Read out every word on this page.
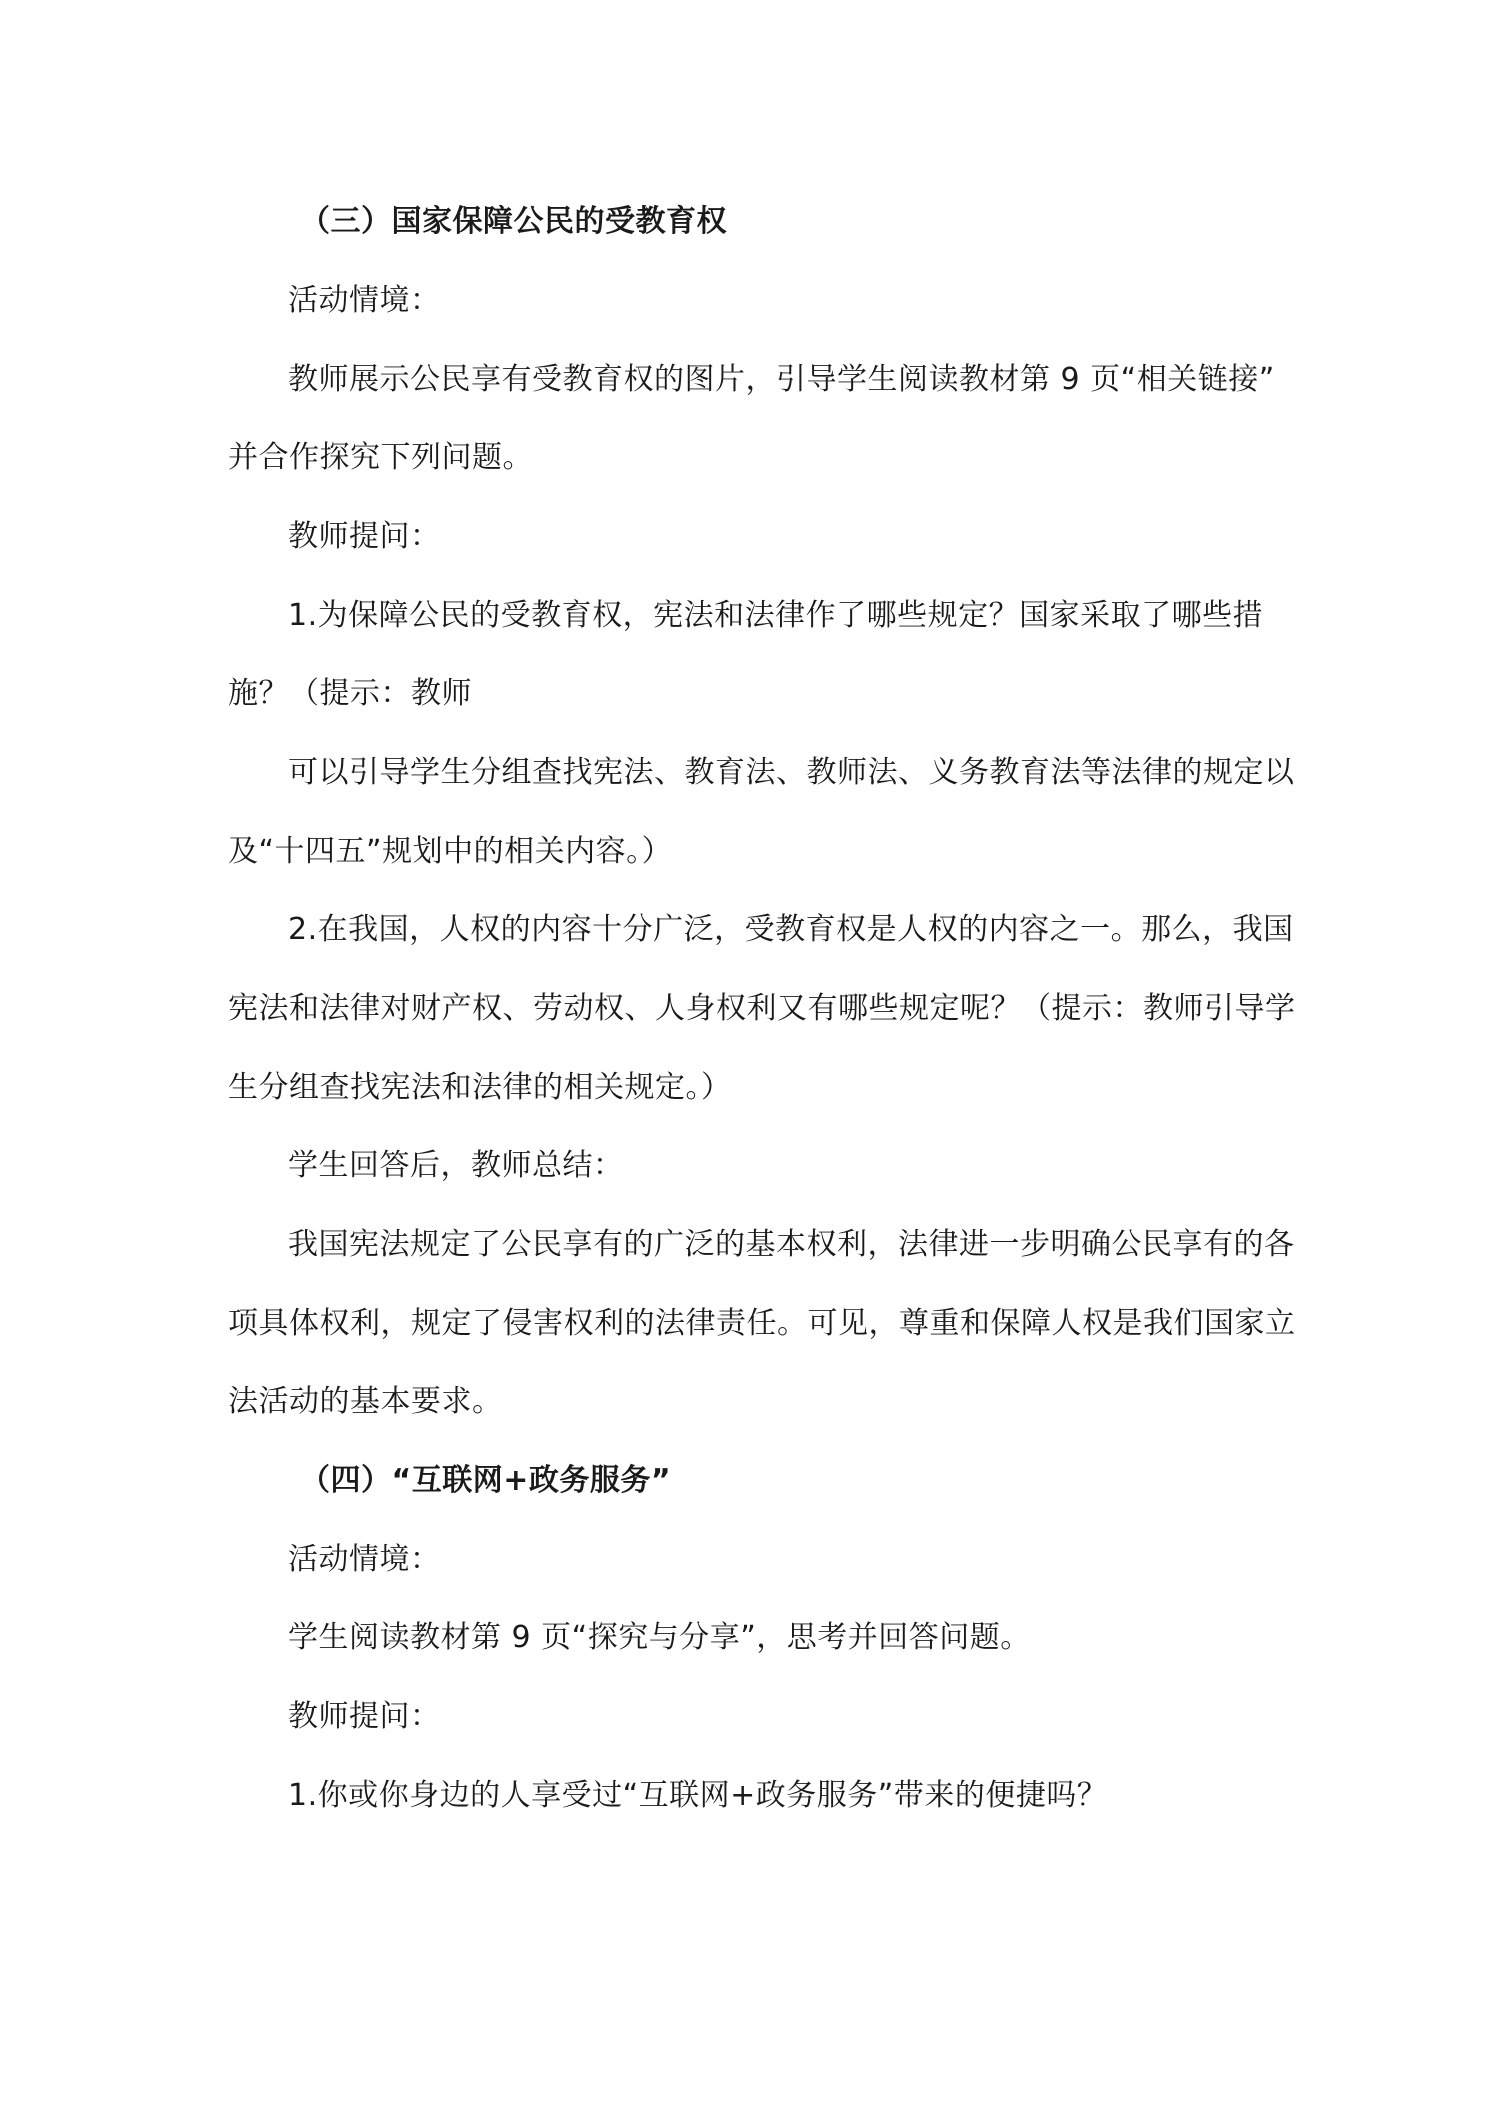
（三）国家保障公民的受教育权
活动情境：
教师展示公民享有受教育权的图片，引导学生阅读教材第 9 页“相关链接”
并合作探究下列问题。
教师提问：
1.为保障公民的受教育权，宪法和法律作了哪些规定？国家采取了哪些措
施？（提示：教师
可以引导学生分组查找宪法、教育法、教师法、义务教育法等法律的规定以
及“十四五”规划中的相关内容。）
2.在我国，人权的内容十分广泛，受教育权是人权的内容之一。那么，我国
宪法和法律对财产权、劳动权、人身权利又有哪些规定呢？（提示：教师引导学
生分组查找宪法和法律的相关规定。）
学生回答后，教师总结：
我国宪法规定了公民享有的广泛的基本权利，法律进一步明确公民享有的各
项具体权利，规定了侵害权利的法律责任。可见，尊重和保障人权是我们国家立
法活动的基本要求。
（四）“互联网+政务服务”
活动情境：
学生阅读教材第 9 页“探究与分享”，思考并回答问题。
教师提问：
1.你或你身边的人享受过“互联网+政务服务”带来的便捷吗？
